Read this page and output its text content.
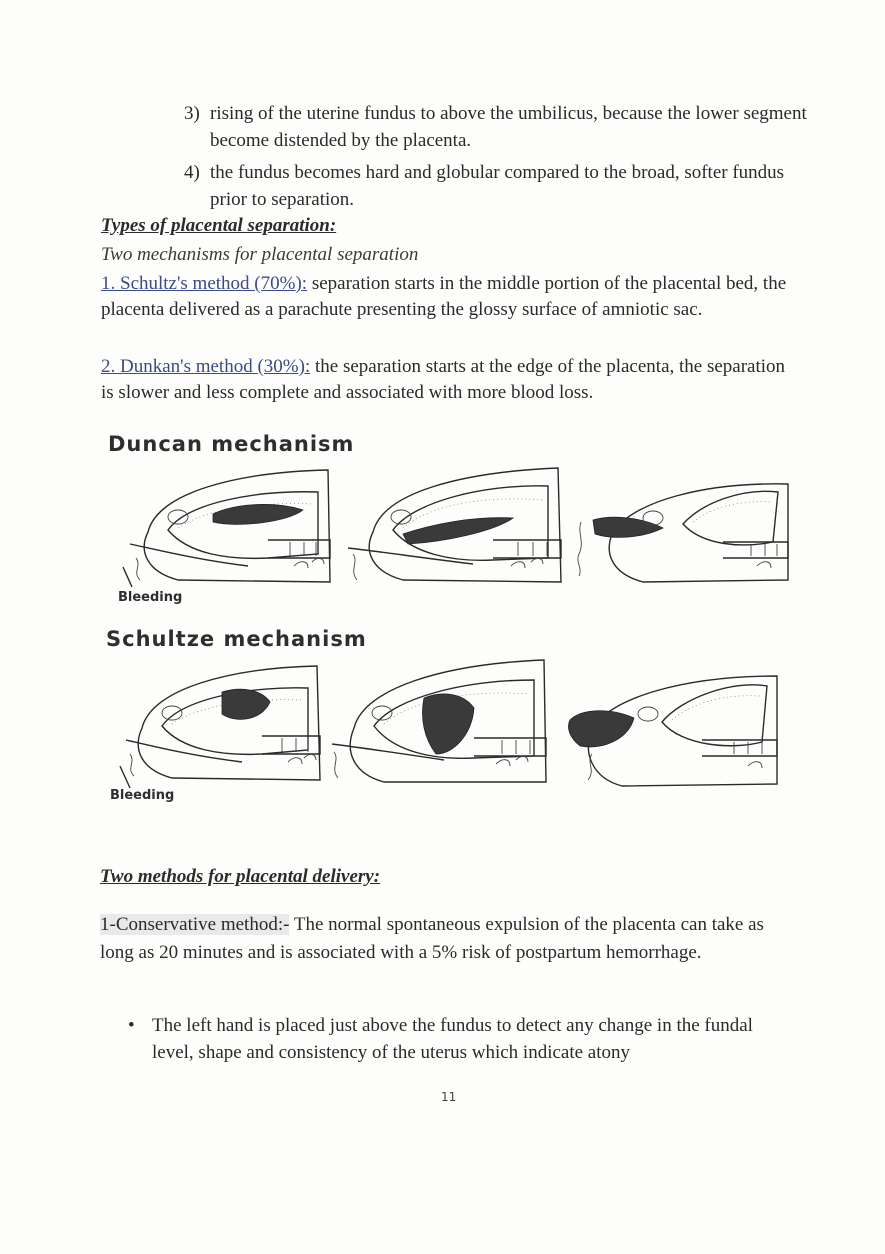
3) rising of the uterine fundus to above the umbilicus, because the lower segment become distended by the placenta.
4) the fundus becomes hard and globular compared to the broad, softer fundus prior to separation.
Types of placental separation:
Two mechanisms for placental separation
1. Schultz's method (70%): separation starts in the middle portion of the placental bed, the placenta delivered as a parachute presenting the glossy surface of amniotic sac.
2. Dunkan's method (30%): the separation starts at the edge of the placenta, the separation is slower and less complete and associated with more blood loss.
Duncan mechanism
Bleeding
Schultze mechanism
Bleeding
Two methods for placental delivery:
1-Conservative method:- The normal spontaneous expulsion of the placenta can take as long as 20 minutes and is associated with a 5% risk of postpartum hemorrhage.
• The left hand is placed just above the fundus to detect any change in the fundal level, shape and consistency of the uterus which indicate atony
11
